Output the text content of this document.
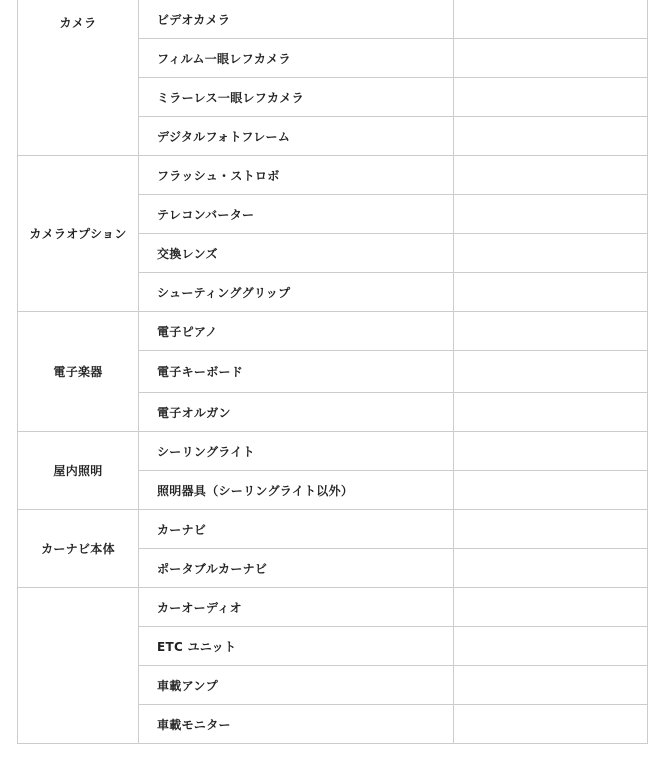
カメラ	ビデオカメラ	
	フィルム一眼レフカメラ	
	ミラーレス一眼レフカメラ	
	デジタルフォトフレーム	
カメラオプション	フラッシュ・ストロボ	
	テレコンバーター	
	交換レンズ	
	シューティンググリップ	
電子楽器	電子ピアノ	
	電子キーボード	
	電子オルガン	
屋内照明	シーリングライト	
	照明器具（シーリングライト以外）	
カーナビ本体	カーナビ	
	ポータブルカーナビ	
	カーオーディオ	
	ETC ユニット	
	車載アンプ	
	車載モニター	
